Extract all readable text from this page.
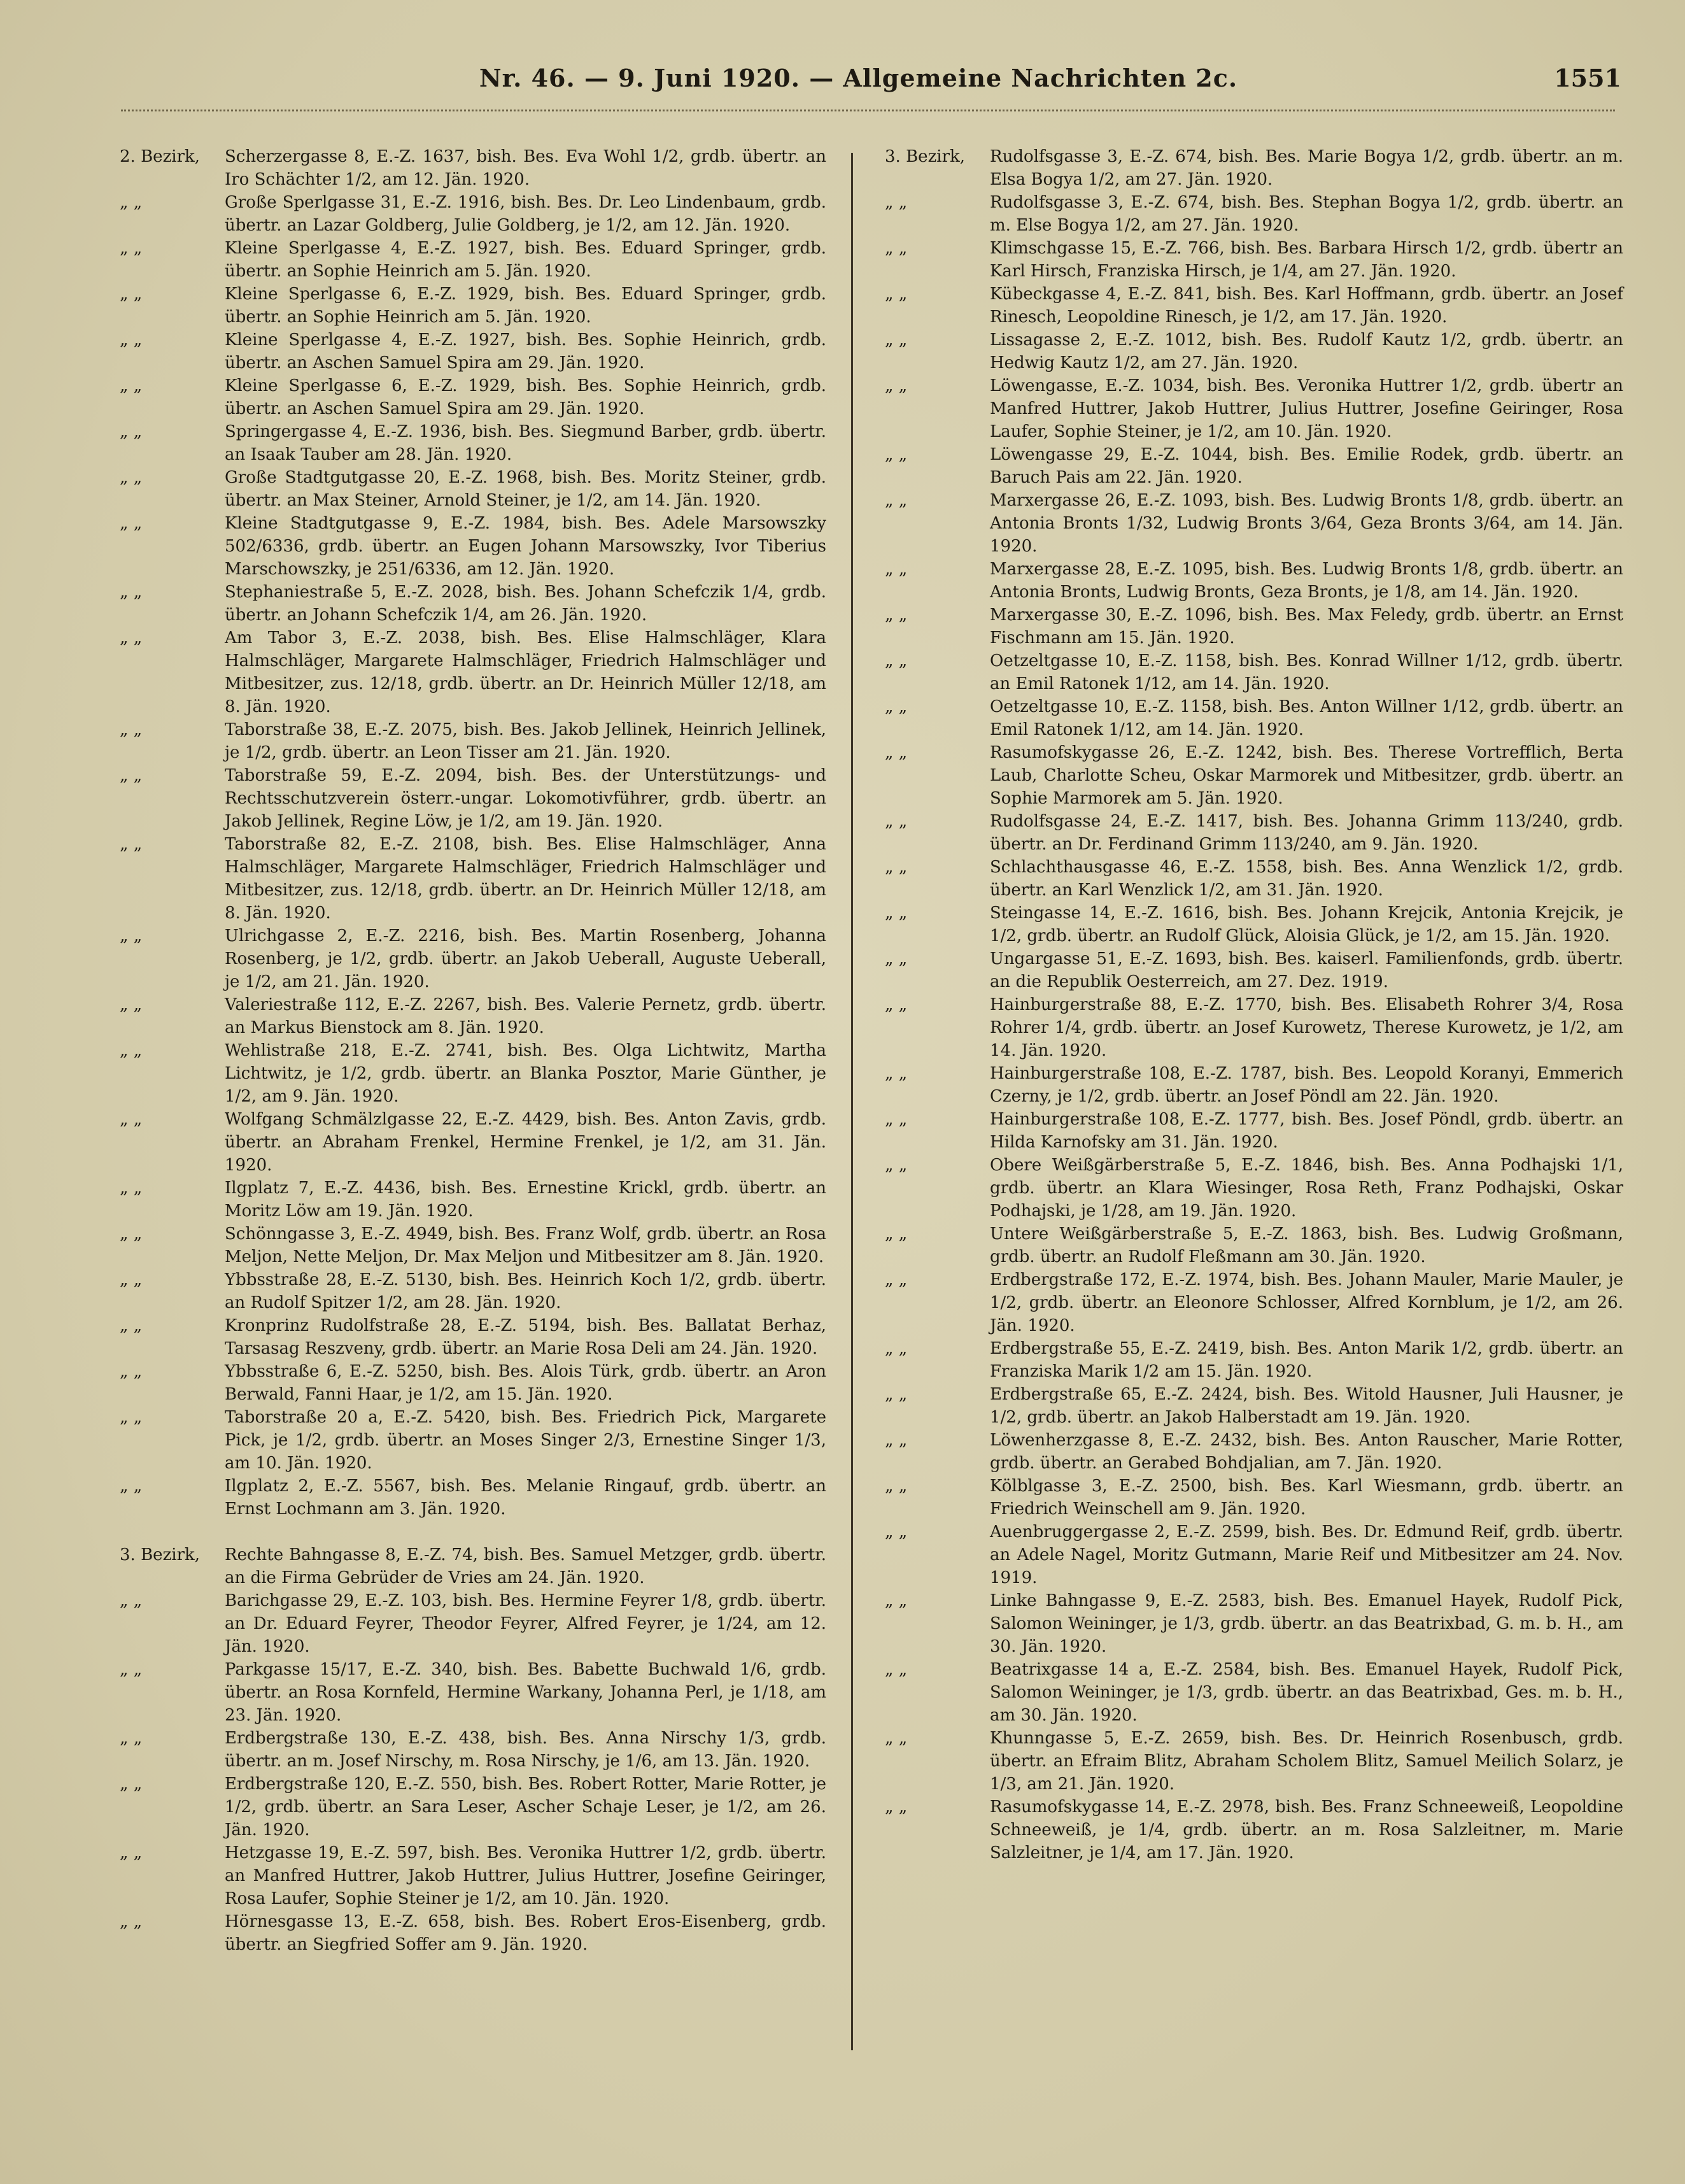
Nr. 46. — 9. Juni 1920. — Allgemeine Nachrichten 2c.	1551
2. Bezirk,	Scherzergasse 8, E.-Z. 1637, bish. Bes. Eva Wohl 1/2, grdb. übertr. an Iro Schächter 1/2, am 12. Jän. 1920.
„ „	Große Sperlgasse 31, E.-Z. 1916, bish. Bes. Dr. Leo Lindenbaum, grdb. übertr. an Lazar Goldberg, Julie Goldberg, je 1/2, am 12. Jän. 1920.
„ „	Kleine Sperlgasse 4, E.-Z. 1927, bish. Bes. Eduard Springer, grdb. übertr. an Sophie Heinrich am 5. Jän. 1920.
„ „	Kleine Sperlgasse 6, E.-Z. 1929, bish. Bes. Eduard Springer, grdb. übertr. an Sophie Heinrich am 5. Jän. 1920.
„ „	Kleine Sperlgasse 4, E.-Z. 1927, bish. Bes. Sophie Heinrich, grdb. übertr. an Aschen Samuel Spira am 29. Jän. 1920.
„ „	Kleine Sperlgasse 6, E.-Z. 1929, bish. Bes. Sophie Heinrich, grdb. übertr. an Aschen Samuel Spira am 29. Jän. 1920.
„ „	Springergasse 4, E.-Z. 1936, bish. Bes. Siegmund Barber, grdb. übertr. an Isaak Tauber am 28. Jän. 1920.
„ „	Große Stadtgutgasse 20, E.-Z. 1968, bish. Bes. Moritz Steiner, grdb. übertr. an Max Steiner, Arnold Steiner, je 1/2, am 14. Jän. 1920.
„ „	Kleine Stadtgutgasse 9, E.-Z. 1984, bish. Bes. Adele Marsowszky 502/6336, grdb. übertr. an Eugen Johann Marsowszky, Ivor Tiberius Marschowszky, je 251/6336, am 12. Jän. 1920.
„ „	Stephaniestraße 5, E.-Z. 2028, bish. Bes. Johann Schefczik 1/4, grdb. übertr. an Johann Schefczik 1/4, am 26. Jän. 1920.
„ „	Am Tabor 3, E.-Z. 2038, bish. Bes. Elise Halmschläger, Klara Halmschläger, Margarete Halmschläger, Friedrich Halmschläger und Mitbesitzer, zus. 12/18, grdb. übertr. an Dr. Heinrich Müller 12/18, am 8. Jän. 1920.
„ „	Taborstraße 38, E.-Z. 2075, bish. Bes. Jakob Jellinek, Heinrich Jellinek, je 1/2, grdb. übertr. an Leon Tisser am 21. Jän. 1920.
„ „	Taborstraße 59, E.-Z. 2094, bish. Bes. der Unterstützungs- und Rechtsschutzverein österr.-ungar. Lokomotivführer, grdb. übertr. an Jakob Jellinek, Regine Löw, je 1/2, am 19. Jän. 1920.
„ „	Taborstraße 82, E.-Z. 2108, bish. Bes. Elise Halmschläger, Anna Halmschläger, Margarete Halmschläger, Friedrich Halmschläger und Mitbesitzer, zus. 12/18, grdb. übertr. an Dr. Heinrich Müller 12/18, am 8. Jän. 1920.
„ „	Ulrichgasse 2, E.-Z. 2216, bish. Bes. Martin Rosenberg, Johanna Rosenberg, je 1/2, grdb. übertr. an Jakob Ueberall, Auguste Ueberall, je 1/2, am 21. Jän. 1920.
„ „	Valeriestraße 112, E.-Z. 2267, bish. Bes. Valerie Pernetz, grdb. übertr. an Markus Bienstock am 8. Jän. 1920.
„ „	Wehlistraße 218, E.-Z. 2741, bish. Bes. Olga Lichtwitz, Martha Lichtwitz, je 1/2, grdb. übertr. an Blanka Posztor, Marie Günther, je 1/2, am 9. Jän. 1920.
„ „	Wolfgang Schmälzlgasse 22, E.-Z. 4429, bish. Bes. Anton Zavis, grdb. übertr. an Abraham Frenkel, Hermine Frenkel, je 1/2, am 31. Jän. 1920.
„ „	Ilgplatz 7, E.-Z. 4436, bish. Bes. Ernestine Krickl, grdb. übertr. an Moritz Löw am 19. Jän. 1920.
„ „	Schönngasse 3, E.-Z. 4949, bish. Bes. Franz Wolf, grdb. übertr. an Rosa Meljon, Nette Meljon, Dr. Max Meljon und Mitbesitzer am 8. Jän. 1920.
„ „	Ybbsstraße 28, E.-Z. 5130, bish. Bes. Heinrich Koch 1/2, grdb. übertr. an Rudolf Spitzer 1/2, am 28. Jän. 1920.
„ „	Kronprinz Rudolfstraße 28, E.-Z. 5194, bish. Bes. Ballatat Berhaz, Tarsasag Reszveny, grdb. übertr. an Marie Rosa Deli am 24. Jän. 1920.
„ „	Ybbsstraße 6, E.-Z. 5250, bish. Bes. Alois Türk, grdb. übertr. an Aron Berwald, Fanni Haar, je 1/2, am 15. Jän. 1920.
„ „	Taborstraße 20 a, E.-Z. 5420, bish. Bes. Friedrich Pick, Margarete Pick, je 1/2, grdb. übertr. an Moses Singer 2/3, Ernestine Singer 1/3, am 10. Jän. 1920.
„ „	Ilgplatz 2, E.-Z. 5567, bish. Bes. Melanie Ringauf, grdb. übertr. an Ernst Lochmann am 3. Jän. 1920.
3. Bezirk,	Rechte Bahngasse 8, E.-Z. 74, bish. Bes. Samuel Metzger, grdb. übertr. an die Firma Gebrüder de Vries am 24. Jän. 1920.
„ „	Barichgasse 29, E.-Z. 103, bish. Bes. Hermine Feyrer 1/8, grdb. übertr. an Dr. Eduard Feyrer, Theodor Feyrer, Alfred Feyrer, je 1/24, am 12. Jän. 1920.
„ „	Parkgasse 15/17, E.-Z. 340, bish. Bes. Babette Buchwald 1/6, grdb. übertr. an Rosa Kornfeld, Hermine Warkany, Johanna Perl, je 1/18, am 23. Jän. 1920.
„ „	Erdbergstraße 130, E.-Z. 438, bish. Bes. Anna Nirschy 1/3, grdb. übertr. an m. Josef Nirschy, m. Rosa Nirschy, je 1/6, am 13. Jän. 1920.
„ „	Erdbergstraße 120, E.-Z. 550, bish. Bes. Robert Rotter, Marie Rotter, je 1/2, grdb. übertr. an Sara Leser, Ascher Schaje Leser, je 1/2, am 26. Jän. 1920.
„ „	Hetzgasse 19, E.-Z. 597, bish. Bes. Veronika Huttrer 1/2, grdb. übertr. an Manfred Huttrer, Jakob Huttrer, Julius Huttrer, Josefine Geiringer, Rosa Laufer, Sophie Steiner je 1/2, am 10. Jän. 1920.
„ „	Hörnesgasse 13, E.-Z. 658, bish. Bes. Robert Eros-Eisenberg, grdb. übertr. an Siegfried Soffer am 9. Jän. 1920.
3. Bezirk,	Rudolfsgasse 3, E.-Z. 674, bish. Bes. Marie Bogya 1/2, grdb. übertr. an m. Elsa Bogya 1/2, am 27. Jän. 1920.
„ „	Rudolfsgasse 3, E.-Z. 674, bish. Bes. Stephan Bogya 1/2, grdb. übertr. an m. Else Bogya 1/2, am 27. Jän. 1920.
„ „	Klimschgasse 15, E.-Z. 766, bish. Bes. Barbara Hirsch 1/2, grdb. übertr an Karl Hirsch, Franziska Hirsch, je 1/4, am 27. Jän. 1920.
„ „	Kübeckgasse 4, E.-Z. 841, bish. Bes. Karl Hoffmann, grdb. übertr. an Josef Rinesch, Leopoldine Rinesch, je 1/2, am 17. Jän. 1920.
„ „	Lissagasse 2, E.-Z. 1012, bish. Bes. Rudolf Kautz 1/2, grdb. übertr. an Hedwig Kautz 1/2, am 27. Jän. 1920.
„ „	Löwengasse, E.-Z. 1034, bish. Bes. Veronika Huttrer 1/2, grdb. übertr an Manfred Huttrer, Jakob Huttrer, Julius Huttrer, Josefine Geiringer, Rosa Laufer, Sophie Steiner, je 1/2, am 10. Jän. 1920.
„ „	Löwengasse 29, E.-Z. 1044, bish. Bes. Emilie Rodek, grdb. übertr. an Baruch Pais am 22. Jän. 1920.
„ „	Marxergasse 26, E.-Z. 1093, bish. Bes. Ludwig Bronts 1/8, grdb. übertr. an Antonia Bronts 1/32, Ludwig Bronts 3/64, Geza Bronts 3/64, am 14. Jän. 1920.
„ „	Marxergasse 28, E.-Z. 1095, bish. Bes. Ludwig Bronts 1/8, grdb. übertr. an Antonia Bronts, Ludwig Bronts, Geza Bronts, je 1/8, am 14. Jän. 1920.
„ „	Marxergasse 30, E.-Z. 1096, bish. Bes. Max Feledy, grdb. übertr. an Ernst Fischmann am 15. Jän. 1920.
„ „	Oetzeltgasse 10, E.-Z. 1158, bish. Bes. Konrad Willner 1/12, grdb. übertr. an Emil Ratonek 1/12, am 14. Jän. 1920.
„ „	Oetzeltgasse 10, E.-Z. 1158, bish. Bes. Anton Willner 1/12, grdb. übertr. an Emil Ratonek 1/12, am 14. Jän. 1920.
„ „	Rasumofskygasse 26, E.-Z. 1242, bish. Bes. Therese Vortrefflich, Berta Laub, Charlotte Scheu, Oskar Marmorek und Mitbesitzer, grdb. übertr. an Sophie Marmorek am 5. Jän. 1920.
„ „	Rudolfsgasse 24, E.-Z. 1417, bish. Bes. Johanna Grimm 113/240, grdb. übertr. an Dr. Ferdinand Grimm 113/240, am 9. Jän. 1920.
„ „	Schlachthausgasse 46, E.-Z. 1558, bish. Bes. Anna Wenzlick 1/2, grdb. übertr. an Karl Wenzlick 1/2, am 31. Jän. 1920.
„ „	Steingasse 14, E.-Z. 1616, bish. Bes. Johann Krejcik, Antonia Krejcik, je 1/2, grdb. übertr. an Rudolf Glück, Aloisia Glück, je 1/2, am 15. Jän. 1920.
„ „	Ungargasse 51, E.-Z. 1693, bish. Bes. kaiserl. Familienfonds, grdb. übertr. an die Republik Oesterreich, am 27. Dez. 1919.
„ „	Hainburgerstraße 88, E.-Z. 1770, bish. Bes. Elisabeth Rohrer 3/4, Rosa Rohrer 1/4, grdb. übertr. an Josef Kurowetz, Therese Kurowetz, je 1/2, am 14. Jän. 1920.
„ „	Hainburgerstraße 108, E.-Z. 1787, bish. Bes. Leopold Koranyi, Emmerich Czerny, je 1/2, grdb. übertr. an Josef Pöndl am 22. Jän. 1920.
„ „	Hainburgerstraße 108, E.-Z. 1777, bish. Bes. Josef Pöndl, grdb. übertr. an Hilda Karnofsky am 31. Jän. 1920.
„ „	Obere Weißgärberstraße 5, E.-Z. 1846, bish. Bes. Anna Podhajski 1/1, grdb. übertr. an Klara Wiesinger, Rosa Reth, Franz Podhajski, Oskar Podhajski, je 1/28, am 19. Jän. 1920.
„ „	Untere Weißgärberstraße 5, E.-Z. 1863, bish. Bes. Ludwig Großmann, grdb. übertr. an Rudolf Fleßmann am 30. Jän. 1920.
„ „	Erdbergstraße 172, E.-Z. 1974, bish. Bes. Johann Mauler, Marie Mauler, je 1/2, grdb. übertr. an Eleonore Schlosser, Alfred Kornblum, je 1/2, am 26. Jän. 1920.
„ „	Erdbergstraße 55, E.-Z. 2419, bish. Bes. Anton Marik 1/2, grdb. übertr. an Franziska Marik 1/2 am 15. Jän. 1920.
„ „	Erdbergstraße 65, E.-Z. 2424, bish. Bes. Witold Hausner, Juli Hausner, je 1/2, grdb. übertr. an Jakob Halberstadt am 19. Jän. 1920.
„ „	Löwenherzgasse 8, E.-Z. 2432, bish. Bes. Anton Rauscher, Marie Rotter, grdb. übertr. an Gerabed Bohdjalian, am 7. Jän. 1920.
„ „	Kölblgasse 3, E.-Z. 2500, bish. Bes. Karl Wiesmann, grdb. übertr. an Friedrich Weinschell am 9. Jän. 1920.
„ „	Auenbruggergasse 2, E.-Z. 2599, bish. Bes. Dr. Edmund Reif, grdb. übertr. an Adele Nagel, Moritz Gutmann, Marie Reif und Mitbesitzer am 24. Nov. 1919.
„ „	Linke Bahngasse 9, E.-Z. 2583, bish. Bes. Emanuel Hayek, Rudolf Pick, Salomon Weininger, je 1/3, grdb. übertr. an das Beatrixbad, G. m. b. H., am 30. Jän. 1920.
„ „	Beatrixgasse 14 a, E.-Z. 2584, bish. Bes. Emanuel Hayek, Rudolf Pick, Salomon Weininger, je 1/3, grdb. übertr. an das Beatrixbad, Ges. m. b. H., am 30. Jän. 1920.
„ „	Khunngasse 5, E.-Z. 2659, bish. Bes. Dr. Heinrich Rosenbusch, grdb. übertr. an Efraim Blitz, Abraham Scholem Blitz, Samuel Meilich Solarz, je 1/3, am 21. Jän. 1920.
„ „	Rasumofskygasse 14, E.-Z. 2978, bish. Bes. Franz Schneeweiß, Leopoldine Schneeweiß, je 1/4, grdb. übertr. an m. Rosa Salzleitner, m. Marie Salzleitner, je 1/4, am 17. Jän. 1920.
